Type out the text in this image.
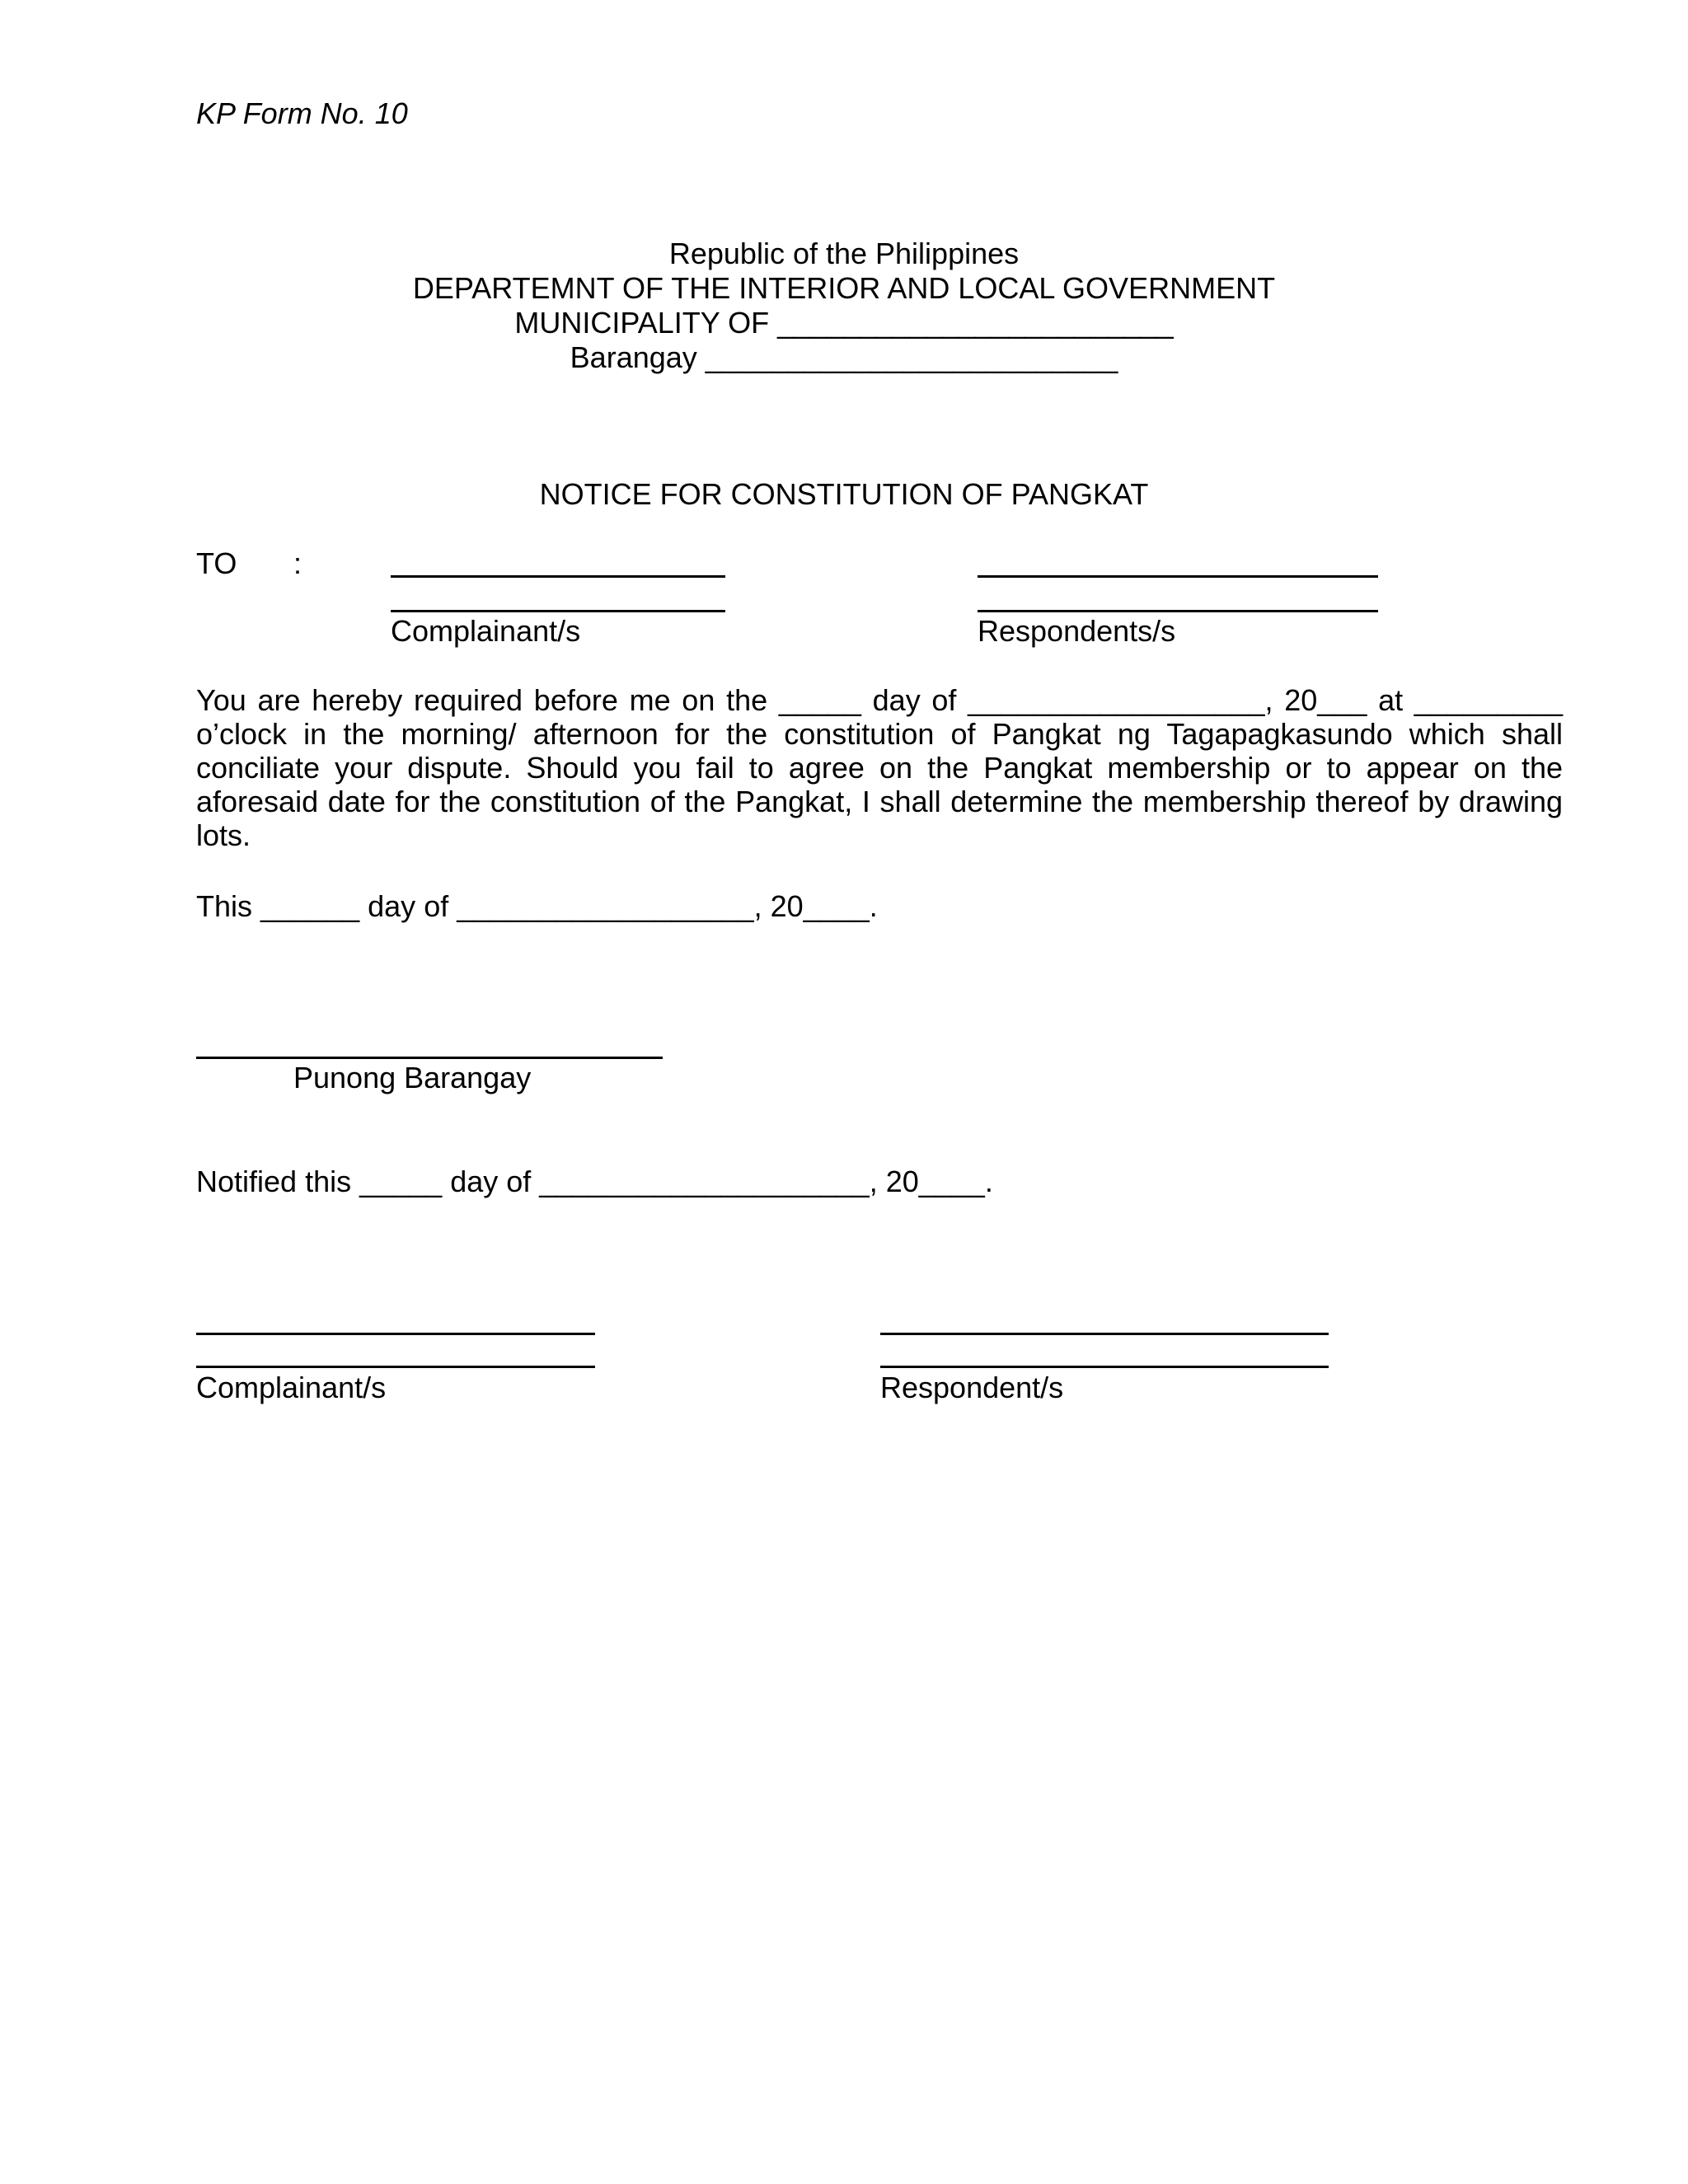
KP Form No. 10
Republic of the Philippines
DEPARTEMNT OF THE INTERIOR AND LOCAL GOVERNMENT
MUNICIPALITY OF ________________________
Barangay _________________________
NOTICE FOR CONSTITUTION OF PANGKAT
TO :
Complainant/s	Respondents/s
You are hereby required before me on the _____ day of __________________, 20___ at _________ o’clock in the morning/ afternoon for the constitution of Pangkat ng Tagapagkasundo which shall conciliate your dispute. Should you fail to agree on the Pangkat membership or to appear on the aforesaid date for the constitution of the Pangkat, I shall determine the membership thereof by drawing lots.
This ______ day of __________________, 20____.
Punong Barangay
Notified this _____ day of ____________________, 20____.
Complainant/s	Respondent/s
